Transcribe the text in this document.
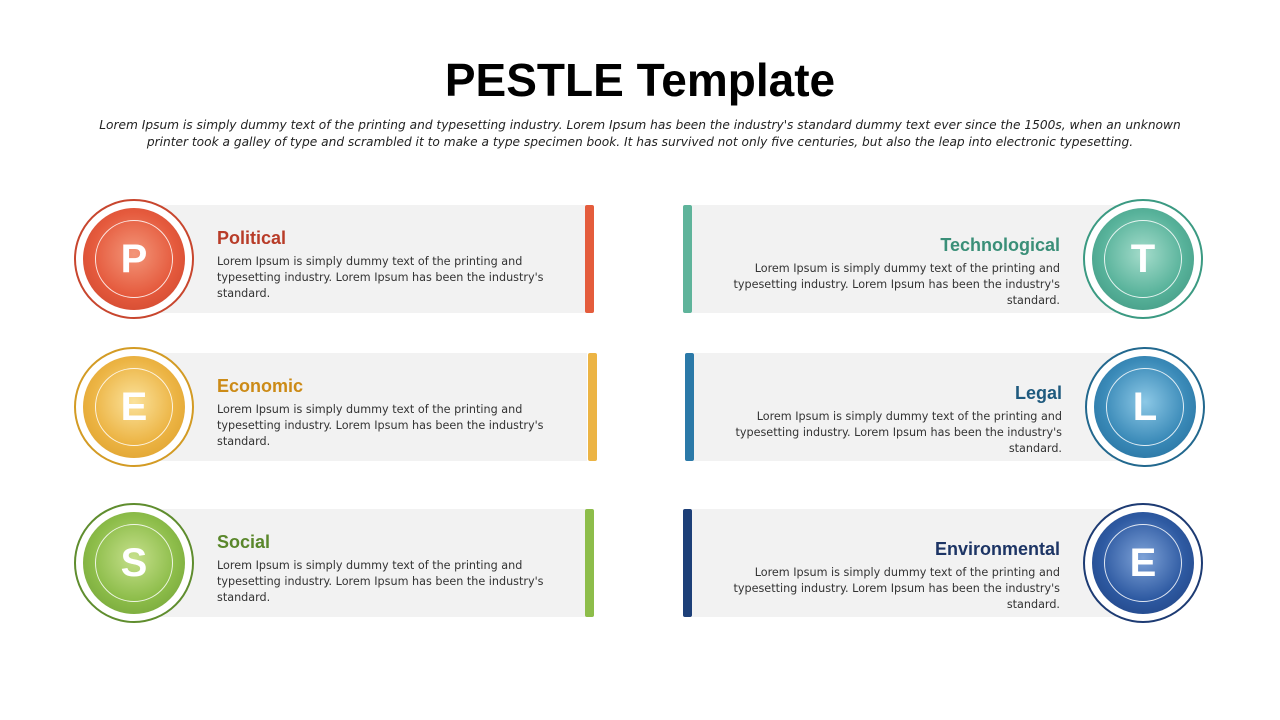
PESTLE Template

Lorem Ipsum is simply dummy text of the printing and typesetting industry. Lorem Ipsum has been the industry's standard dummy text ever since the 1500s, when an unknown printer took a galley of type and scrambled it to make a type specimen book. It has survived not only five centuries, but also the leap into electronic typesetting.

P	Political

Lorem Ipsum is simply dummy text of the printing and typesetting industry. Lorem Ipsum has been the industry's standard.

E	Economic

Lorem Ipsum is simply dummy text of the printing and typesetting industry. Lorem Ipsum has been the industry's standard.

S	Social

Lorem Ipsum is simply dummy text of the printing and typesetting industry. Lorem Ipsum has been the industry's standard.

T
Technological

Lorem Ipsum is simply dummy text of the printing and typesetting industry. Lorem Ipsum has been the industry's standard.

L
Legal

Lorem Ipsum is simply dummy text of the printing and typesetting industry. Lorem Ipsum has been the industry's standard.

E
Environmental

Lorem Ipsum is simply dummy text of the printing and typesetting industry. Lorem Ipsum has been the industry's standard.
